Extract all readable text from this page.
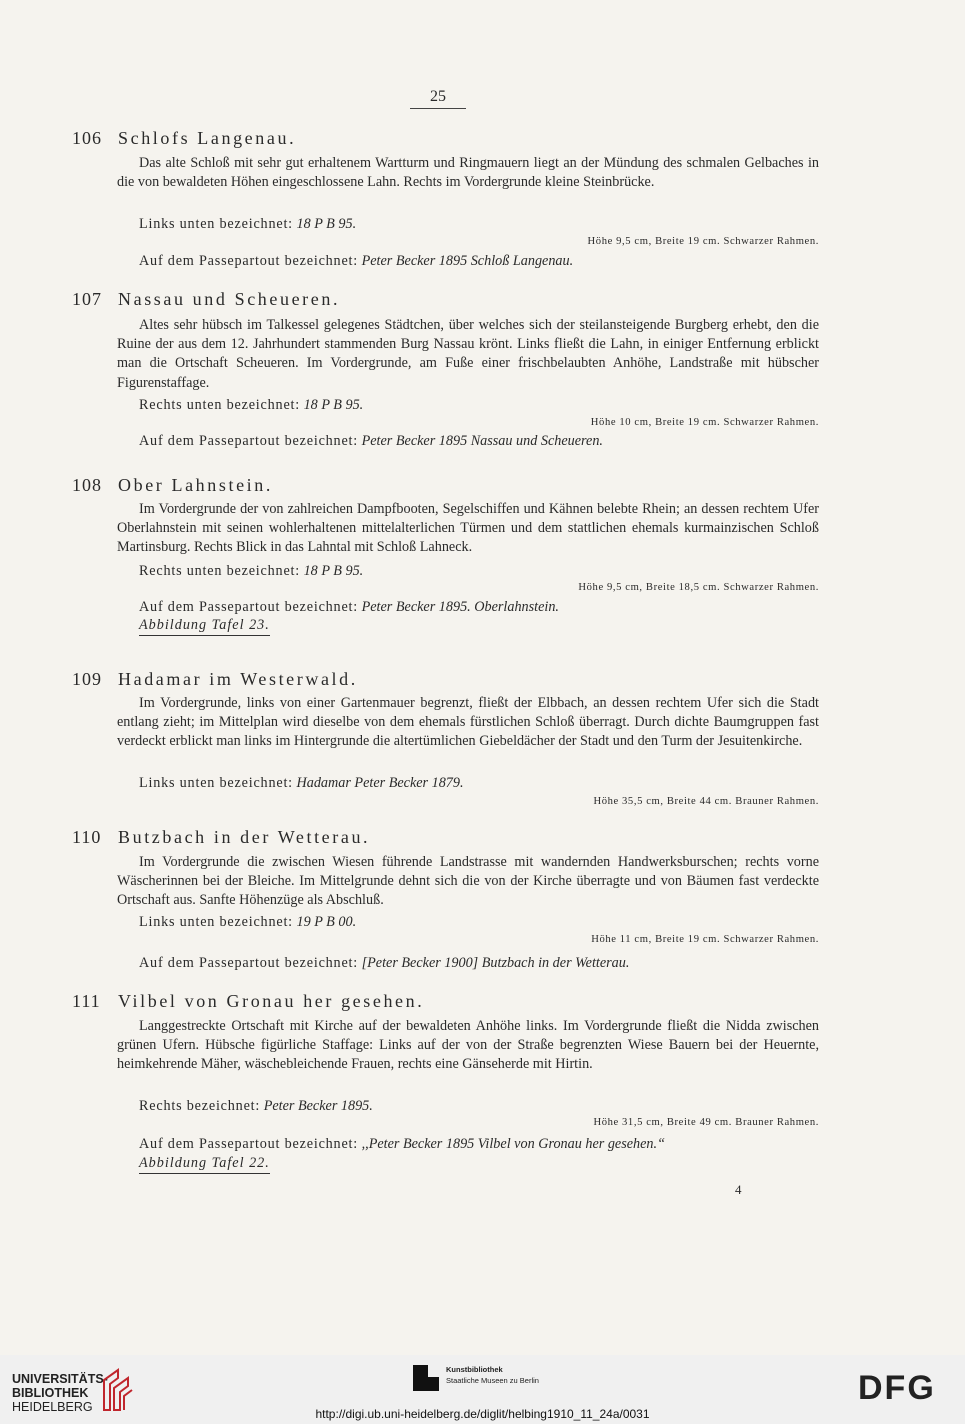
25
106 Schlofs Langenau.
Das alte Schloß mit sehr gut erhaltenem Wartturm und Ringmauern liegt an der Mündung des schmalen Gelbaches in die von bewaldeten Höhen eingeschlossene Lahn. Rechts im Vordergrunde kleine Steinbrücke.
Links unten bezeichnet: 18 P B 95.
Höhe 9,5 cm, Breite 19 cm. Schwarzer Rahmen.
Auf dem Passepartout bezeichnet: Peter Becker 1895 Schloß Langenau.
107 Nassau und Scheueren.
Altes sehr hübsch im Talkessel gelegenes Städtchen, über welches sich der steilansteigende Burgberg erhebt, den die Ruine der aus dem 12. Jahrhundert stammenden Burg Nassau krönt. Links fließt die Lahn, in einiger Entfernung erblickt man die Ortschaft Scheueren. Im Vordergrunde, am Fuße einer frischbelaubten Anhöhe, Landstraße mit hübscher Figurenstaffage.
Rechts unten bezeichnet: 18 P B 95.
Höhe 10 cm, Breite 19 cm. Schwarzer Rahmen.
Auf dem Passepartout bezeichnet: Peter Becker 1895 Nassau und Scheueren.
108 Ober Lahnstein.
Im Vordergrunde der von zahlreichen Dampfbooten, Segelschiffen und Kähnen belebte Rhein; an dessen rechtem Ufer Oberlahnstein mit seinen wohlerhaltenen mittelalterlichen Türmen und dem stattlichen ehemals kurmainzischen Schloß Martinsburg. Rechts Blick in das Lahntal mit Schloß Lahneck.
Rechts unten bezeichnet: 18 P B 95.
Höhe 9,5 cm, Breite 18,5 cm. Schwarzer Rahmen.
Auf dem Passepartout bezeichnet: Peter Becker 1895. Oberlahnstein.
Abbildung Tafel 23.
109 Hadamar im Westerwald.
Im Vordergrunde, links von einer Gartenmauer begrenzt, fließt der Elbbach, an dessen rechtem Ufer sich die Stadt entlang zieht; im Mittelplan wird dieselbe von dem ehemals fürstlichen Schloß überragt. Durch dichte Baumgruppen fast verdeckt erblickt man links im Hintergrunde die altertümlichen Giebeldächer der Stadt und den Turm der Jesuitenkirche.
Links unten bezeichnet: Hadamar Peter Becker 1879.
Höhe 35,5 cm, Breite 44 cm. Brauner Rahmen.
110 Butzbach in der Wetterau.
Im Vordergrunde die zwischen Wiesen führende Landstrasse mit wandernden Handwerksburschen; rechts vorne Wäscherinnen bei der Bleiche. Im Mittelgrunde dehnt sich die von der Kirche überragte und von Bäumen fast verdeckte Ortschaft aus. Sanfte Höhenzüge als Abschluß.
Links unten bezeichnet: 19 P B 00.
Höhe 11 cm, Breite 19 cm. Schwarzer Rahmen.
Auf dem Passepartout bezeichnet: [Peter Becker 1900] Butzbach in der Wetterau.
111 Vilbel von Gronau her gesehen.
Langgestreckte Ortschaft mit Kirche auf der bewaldeten Anhöhe links. Im Vordergrunde fließt die Nidda zwischen grünen Ufern. Hübsche figürliche Staffage: Links auf der von der Straße begrenzten Wiese Bauern bei der Heuernte, heimkehrende Mäher, wäschebleichende Frauen, rechts eine Gänseherde mit Hirtin.
Rechts bezeichnet: Peter Becker 1895.
Höhe 31,5 cm, Breite 49 cm. Brauner Rahmen.
Auf dem Passepartout bezeichnet: ,,Peter Becker 1895 Vilbel von Gronau her gesehen.“
Abbildung Tafel 22.
4
UNIVERSITÄTS-
BIBLIOTHEK
HEIDELBERG
Kunstbibliothek
Staatliche Museen zu Berlin
http://digi.ub.uni-heidelberg.de/diglit/helbing1910_11_24a/0031
DFG
